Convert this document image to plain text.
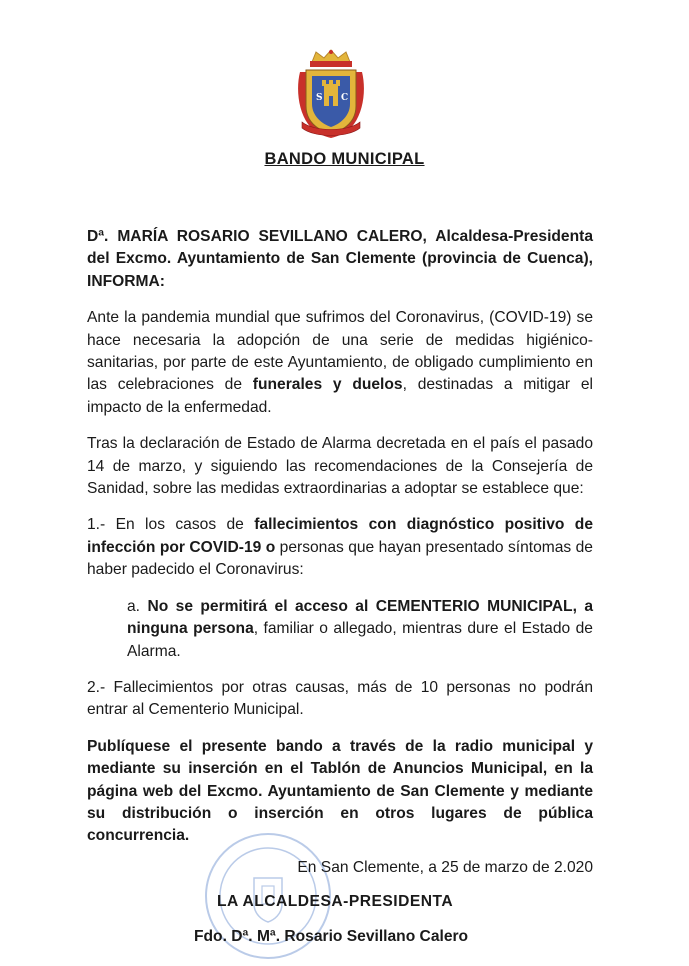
S C
BANDO MUNICIPAL

Dª. MARÍA ROSARIO SEVILLANO CALERO, Alcaldesa-Presidenta del Excmo. Ayuntamiento de San Clemente (provincia de Cuenca), INFORMA:

Ante la pandemia mundial que sufrimos del Coronavirus, (COVID-19) se hace necesaria la adopción de una serie de medidas higiénico-sanitarias, por parte de este Ayuntamiento, de obligado cumplimiento en las celebraciones de funerales y duelos, destinadas a mitigar el impacto de la enfermedad.

Tras la declaración de Estado de Alarma decretada en el país el pasado 14 de marzo, y siguiendo las recomendaciones de la Consejería de Sanidad, sobre las medidas extraordinarias a adoptar se establece que:

1.- En los casos de fallecimientos con diagnóstico positivo de infección por COVID-19 o personas que hayan presentado síntomas de haber padecido el Coronavirus:

a. No se permitirá el acceso al CEMENTERIO MUNICIPAL, a ninguna persona, familiar o allegado, mientras dure el Estado de Alarma.

2.- Fallecimientos por otras causas, más de 10 personas no podrán entrar al Cementerio Municipal.

Publíquese el presente bando a través de la radio municipal y mediante su inserción en el Tablón de Anuncios Municipal, en la página web del Excmo. Ayuntamiento de San Clemente y mediante su distribución o inserción en otros lugares de pública concurrencia.

En San Clemente, a 25 de marzo de 2.020
LA ALCALDESA-PRESIDENTA
Fdo. Dª. Mª. Rosario Sevillano Calero
